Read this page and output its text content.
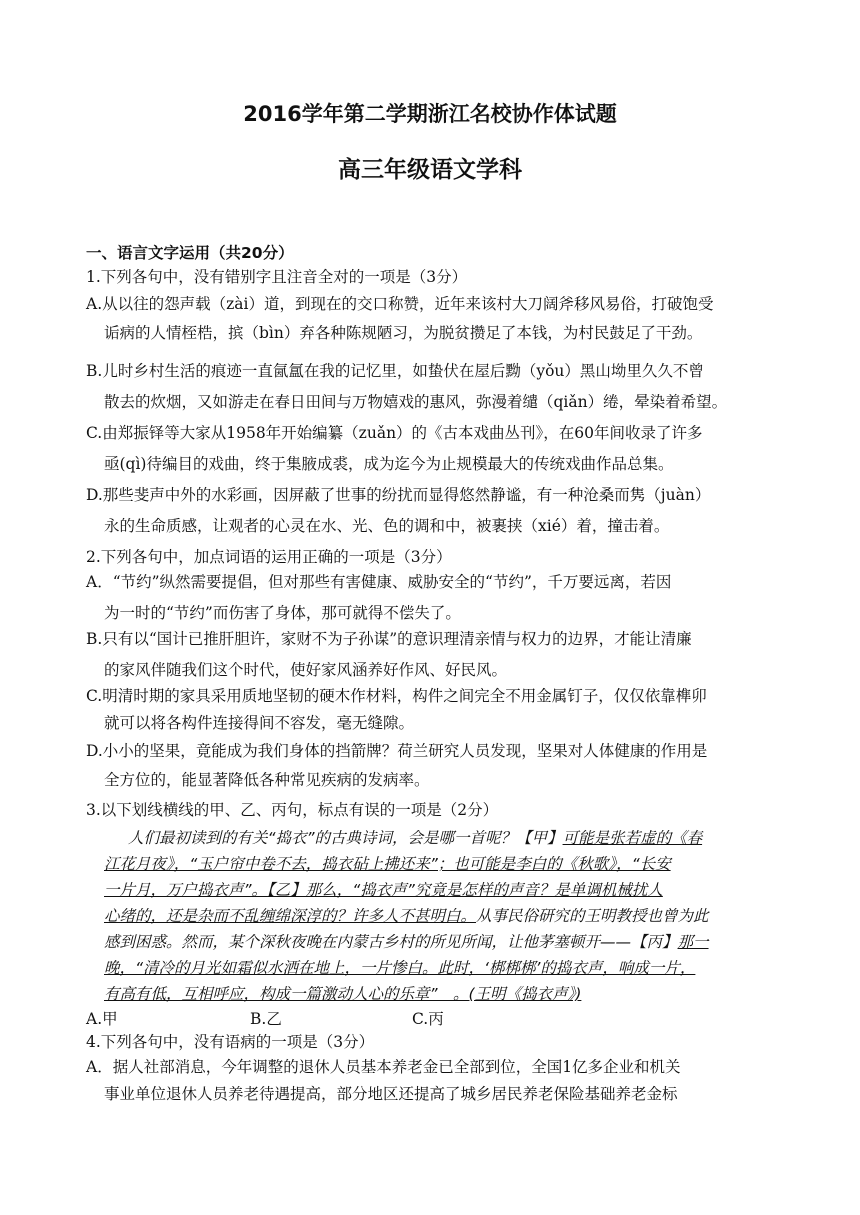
2016学年第二学期浙江名校协作体试题
高三年级语文学科
一、语言文字运用（共20分）
1.下列各句中，没有错别字且注音全对的一项是（3分）
A.从以往的怨声载（zài）道，到现在的交口称赞，近年来该村大刀阔斧移风易俗，打破饱受
诟病的人情桎梏，摈（bìn）弃各种陈规陋习，为脱贫攒足了本钱，为村民鼓足了干劲。
B.儿时乡村生活的痕迹一直氤氲在我的记忆里，如蛰伏在屋后黝（yǒu）黑山坳里久久不曾
散去的炊烟，又如游走在春日田间与万物嬉戏的惠风，弥漫着缱（qiǎn）绻，晕染着希望。
C.由郑振铎等大家从1958年开始编纂（zuǎn）的《古本戏曲丛刊》，在60年间收录了许多
亟(qì)待编目的戏曲，终于集腋成裘，成为迄今为止规模最大的传统戏曲作品总集。
D.那些斐声中外的水彩画，因屏蔽了世事的纷扰而显得悠然静谧，有一种沧桑而隽（juàn）
永的生命质感，让观者的心灵在水、光、色的调和中，被裹挟（xié）着，撞击着。
2.下列各句中，加点词语的运用正确的一项是（3分）
A．“节约”纵然需要提倡，但对那些有害健康、威胁安全的“节约”，千万要远离，若因
为一时的“节约”而伤害了身体，那可就得不偿失了。
B.只有以“国计已推肝胆许，家财不为子孙谋”的意识理清亲情与权力的边界，才能让清廉
的家风伴随我们这个时代，使好家风涵养好作风、好民风。
C.明清时期的家具采用质地坚韧的硬木作材料，构件之间完全不用金属钉子，仅仅依靠榫卯
就可以将各构件连接得间不容发，毫无缝隙。
D.小小的坚果，竟能成为我们身体的挡箭牌？荷兰研究人员发现，坚果对人体健康的作用是
全方位的，能显著降低各种常见疾病的发病率。
3.以下划线横线的甲、乙、丙句，标点有误的一项是（2分）
人们最初读到的有关“捣衣”的古典诗词，会是哪一首呢？【甲】可能是张若虚的《春
江花月夜》，“玉户帘中卷不去，捣衣砧上拂还来”；也可能是李白的《秋歌》，“长安
一片月，万户捣衣声”。【乙】那么，“捣衣声”究竟是怎样的声音？是单调机械扰人
心绪的，还是杂而不乱缠绵深淳的？许多人不甚明白。从事民俗研究的王明教授也曾为此
感到困惑。然而，某个深秋夜晚在内蒙古乡村的所见所闻，让他茅塞顿开——【丙】那一
晚，“清冷的月光如霜似水洒在地上，一片惨白。此时，‘梆梆梆’的捣衣声，响成一片，
有高有低，互相呼应，构成一篇激动人心的乐章”　。(王明《捣衣声》)
A.甲	B.乙	C.丙
4.下列各句中，没有语病的一项是（3分）
A．据人社部消息，今年调整的退休人员基本养老金已全部到位，全国1亿多企业和机关
事业单位退休人员养老待遇提高，部分地区还提高了城乡居民养老保险基础养老金标
